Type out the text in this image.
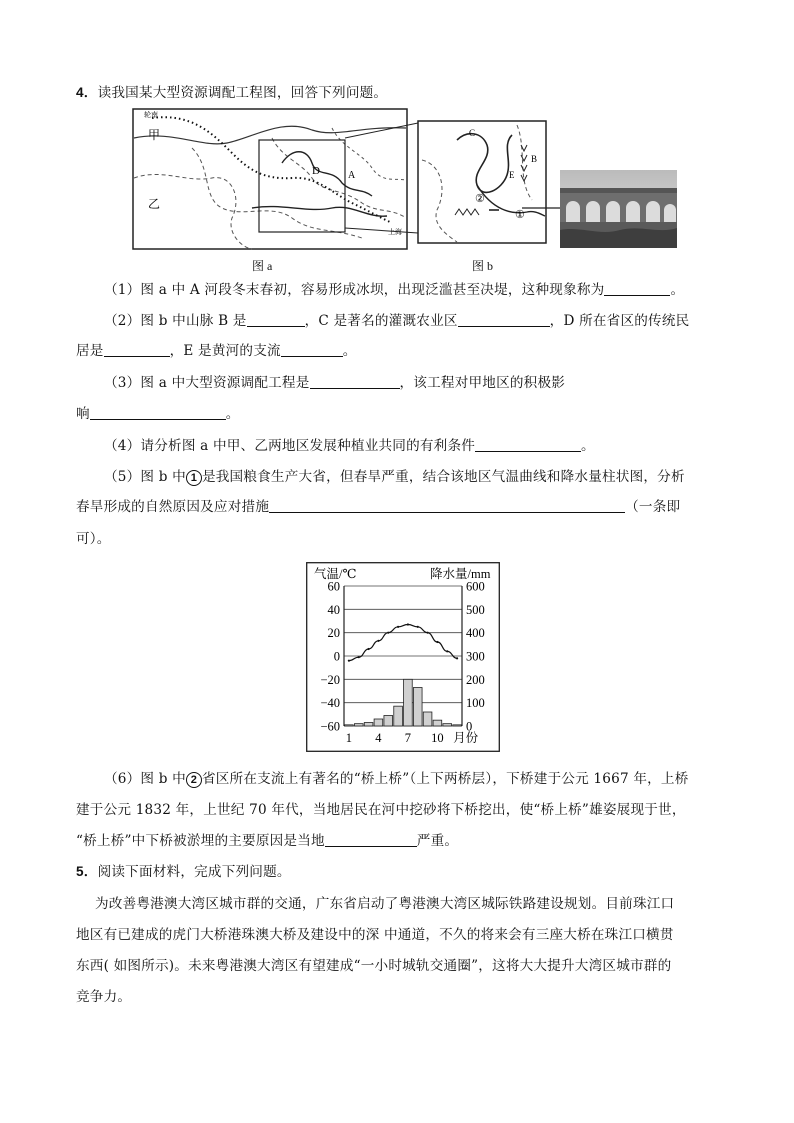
4．读我国某大型资源调配工程图，回答下列问题。
轮南
甲
乙
D	A
上海
C
B
E
②
①
图 a	图 b
（1）图 a 中 A 河段冬末春初，容易形成冰坝，出现泛滥甚至决堤，这种现象称为	。
（2）图 b 中山脉 B 是	，C 是著名的灌溉农业区	，D 所在省区的传统民
居是	，E 是黄河的支流	。
（3）图 a 中大型资源调配工程是	，该工程对甲地区的积极影
响	。
（4）请分析图 a 中甲、乙两地区发展种植业共同的有利条件	。
（5）图 b 中 1 是我国粮食生产大省，但春旱严重，结合该地区气温曲线和降水量柱状图，分析
春旱形成的自然原因及应对措施	（一条即
可）。
气温/℃	降水量/mm
60	600
40	500
20	400
0	300
−20	200
−40	100
−60	0
1 4 7 10 月份
（6）图 b 中 2 省区所在支流上有著名的“桥上桥”（上下两桥层），下桥建于公元 1667 年，上桥
建于公元 1832 年，上世纪 70 年代，当地居民在河中挖砂将下桥挖出，使“桥上桥”雄姿展现于世，
“桥上桥”中下桥被淤埋的主要原因是当地	严重。
5．阅读下面材料，完成下列问题。
为改善粤港澳大湾区城市群的交通，广东省启动了粤港澳大湾区城际铁路建设规划。目前珠江口
地区有已建成的虎门大桥港珠澳大桥及建设中的深 中通道，不久的将来会有三座大桥在珠江口横贯
东西( 如图所示)。未来粤港澳大湾区有望建成“一小时城轨交通圈”，这将大大提升大湾区城市群的
竞争力。
